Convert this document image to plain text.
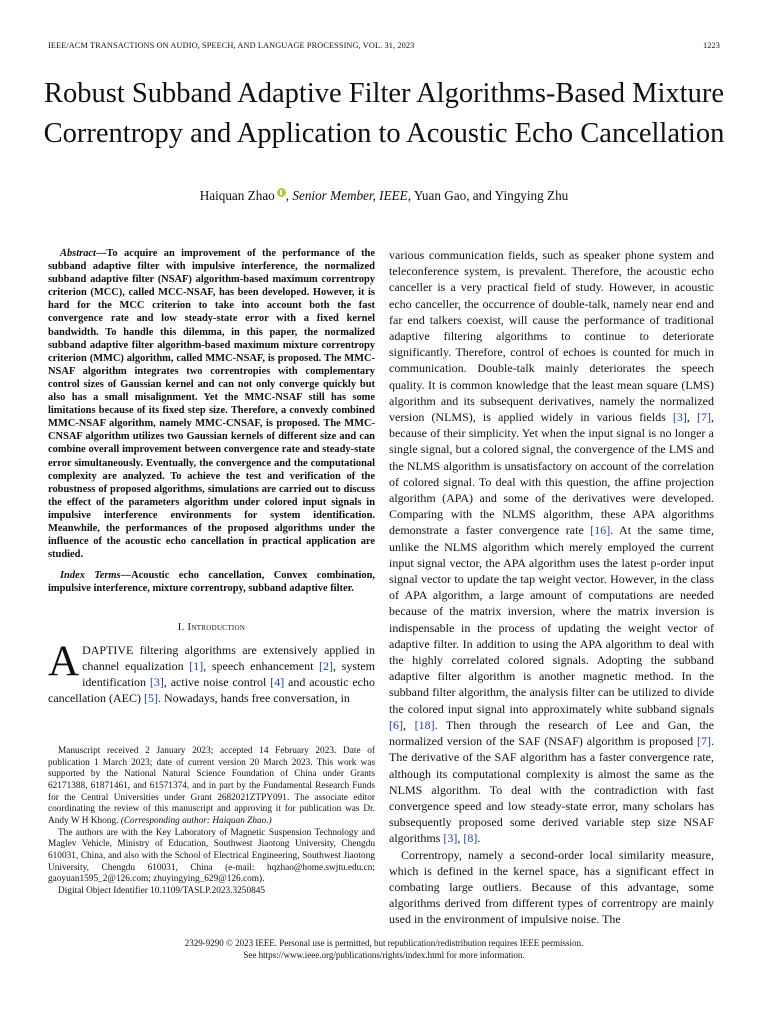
IEEE/ACM TRANSACTIONS ON AUDIO, SPEECH, AND LANGUAGE PROCESSING, VOL. 31, 2023	1223
Robust Subband Adaptive Filter Algorithms-Based Mixture Correntropy and Application to Acoustic Echo Cancellation
Haiquan Zhao , Senior Member, IEEE, Yuan Gao, and Yingying Zhu

Abstract—To acquire an improvement of the performance of the subband adaptive filter with impulsive interference, the normalized subband adaptive filter (NSAF) algorithm-based maximum correntropy criterion (MCC), called MCC-NSAF, has been developed. However, it is hard for the MCC criterion to take into account both the fast convergence rate and low steady-state error with a fixed kernel bandwidth. To handle this dilemma, in this paper, the normalized subband adaptive filter algorithm-based maximum mixture correntropy criterion (MMC) algorithm, called MMC-NSAF, is proposed. The MMC-NSAF algorithm integrates two correntropies with complementary control sizes of Gaussian kernel and can not only converge quickly but also has a small misalignment. Yet the MMC-NSAF still has some limitations because of its fixed step size. Therefore, a convexly combined MMC-NSAF algorithm, namely MMC-CNSAF, is proposed. The MMC-CNSAF algorithm utilizes two Gaussian kernels of different size and can combine overall improvement between convergence rate and steady-state error simultaneously. Eventually, the convergence and the computational complexity are analyzed. To achieve the test and verification of the robustness of proposed algorithms, simulations are carried out to discuss the effect of the parameters algorithm under colored input signals in impulsive interference environments for system identification. Meanwhile, the performances of the proposed algorithms under the influence of the acoustic echo cancellation in practical application are studied.

Index Terms—Acoustic echo cancellation, Convex combination, impulsive interference, mixture correntropy, subband adaptive filter.

I. Introduction

ADAPTIVE filtering algorithms are extensively applied in channel equalization [1], speech enhancement [2], system identification [3], active noise control [4] and acoustic echo cancellation (AEC) [5]. Nowadays, hands free conversation, in

Manuscript received 2 January 2023; accepted 14 February 2023. Date of publication 1 March 2023; date of current version 20 March 2023. This work was supported by the National Natural Science Foundation of China under Grants 62171388, 61871461, and 61571374, and in part by the Fundamental Research Funds for the Central Universities under Grant 2682021ZTPY091. The associate editor coordinating the review of this manuscript and approving it for publication was Dr. Andy W H Khong. (Corresponding author: Haiquan Zhao.)

The authors are with the Key Laboratory of Magnetic Suspension Technology and Maglev Vehicle, Ministry of Education, Southwest Jiaotong University, Chengdu 610031, China, and also with the School of Electrical Engineering, Southwest Jiaotong University, Chengdu 610031, China (e-mail: hqzhao@home.swjtu.edu.cn; gaoyuan1595_2@126.com; zhuyingying_629@126.com).

Digital Object Identifier 10.1109/TASLP.2023.3250845

various communication fields, such as speaker phone system and teleconference system, is prevalent. Therefore, the acoustic echo canceller is a very practical field of study. However, in acoustic echo canceller, the occurrence of double-talk, namely near end and far end talkers coexist, will cause the performance of traditional adaptive filtering algorithms to continue to deteriorate significantly. Therefore, control of echoes is counted for much in communication. Double-talk mainly deteriorates the speech quality. It is common knowledge that the least mean square (LMS) algorithm and its subsequent derivatives, namely the normalized version (NLMS), is applied widely in various fields [3], [7], because of their simplicity. Yet when the input signal is no longer a single signal, but a colored signal, the convergence of the LMS and the NLMS algorithm is unsatisfactory on account of the correlation of colored signal. To deal with this question, the affine projection algorithm (APA) and some of the derivatives were developed. Comparing with the NLMS algorithm, these APA algorithms demonstrate a faster convergence rate [16]. At the same time, unlike the NLMS algorithm which merely employed the current input signal vector, the APA algorithm uses the latest p-order input signal vector to update the tap weight vector. However, in the class of APA algorithm, a large amount of computations are needed because of the matrix inversion, where the matrix inversion is indispensable in the process of updating the weight vector of adaptive filter. In addition to using the APA algorithm to deal with the highly correlated colored signals. Adopting the subband adaptive filter algorithm is another magnetic method. In the subband filter algorithm, the analysis filter can be utilized to divide the colored input signal into approximately white subband signals [6], [18]. Then through the research of Lee and Gan, the normalized version of the SAF (NSAF) algorithm is proposed [7]. The derivative of the SAF algorithm has a faster convergence rate, although its computational complexity is almost the same as the NLMS algorithm. To deal with the contradiction with fast convergence speed and low steady-state error, many scholars has subsequently proposed some derived variable step size NSAF algorithms [3], [8].

Correntropy, namely a second-order local similarity measure, which is defined in the kernel space, has a significant effect in combating large outliers. Because of this advantage, some algorithms derived from different types of correntropy are mainly used in the environment of impulsive noise. The

2329-9290 © 2023 IEEE. Personal use is permitted, but republication/redistribution requires IEEE permission.
See https://www.ieee.org/publications/rights/index.html for more information.
